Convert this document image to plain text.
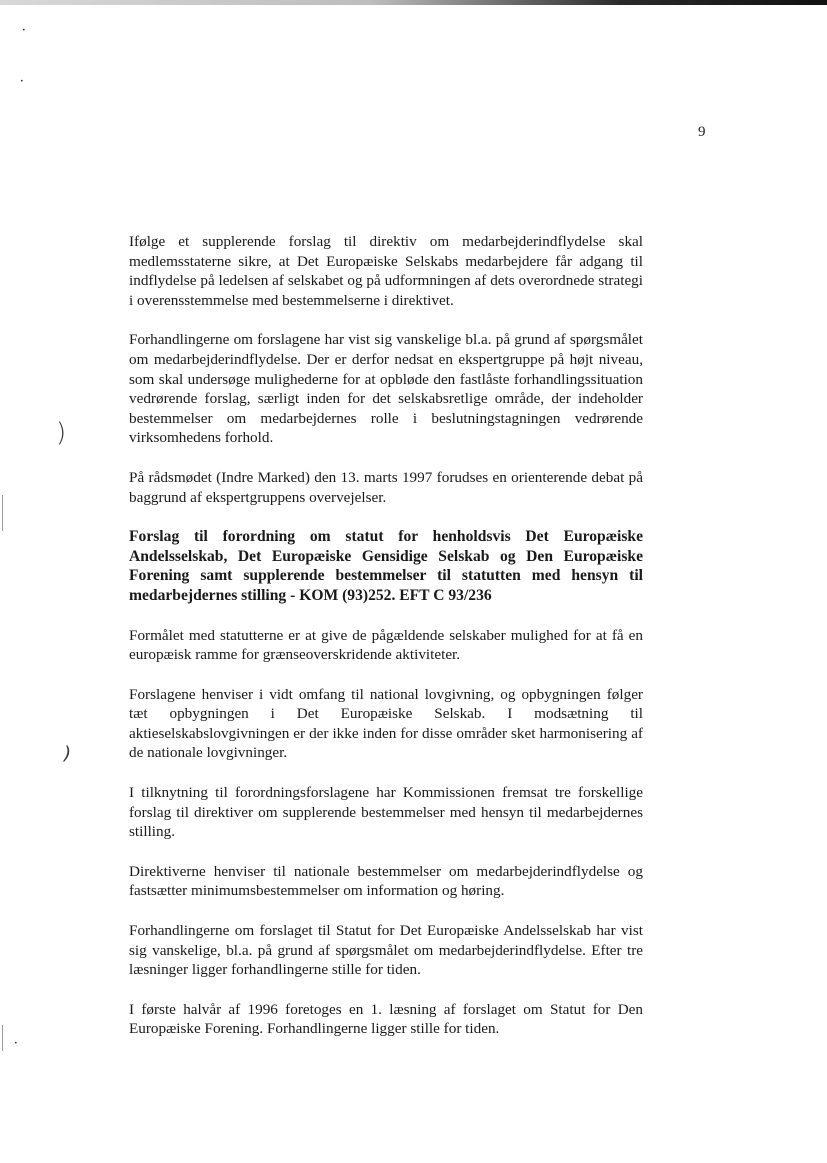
9
•
•
)
)
•

Ifølge et supplerende forslag til direktiv om medarbejderindflydelse skal medlemsstaterne sikre, at Det Europæiske Selskabs medarbejdere får adgang til indflydelse på ledelsen af selskabet og på udformningen af dets overordnede strategi i overensstemmelse med bestemmelserne i direktivet.

Forhandlingerne om forslagene har vist sig vanskelige bl.a. på grund af spørgsmålet om medarbejderindflydelse. Der er derfor nedsat en ekspertgruppe på højt niveau, som skal undersøge mulighederne for at opbløde den fastlåste forhandlingssituation vedrørende forslag, særligt inden for det selskabsretlige område, der indeholder bestemmelser om medarbejdernes rolle i beslutningstagningen vedrørende virksomhedens forhold.

På rådsmødet (Indre Marked) den 13. marts 1997 forudses en orienterende debat på baggrund af ekspertgruppens overvejelser.

Forslag til forordning om statut for henholdsvis Det Europæiske Andelsselskab, Det Europæiske Gensidige Selskab og Den Europæiske Forening samt supplerende bestemmelser til statutten med hensyn til medarbejdernes stilling - KOM (93)252. EFT C 93/236

Formålet med statutterne er at give de pågældende selskaber mulighed for at få en europæisk ramme for grænseoverskridende aktiviteter.

Forslagene henviser i vidt omfang til national lovgivning, og opbygningen følger tæt opbygningen i Det Europæiske Selskab. I modsætning til aktieselskabslovgivningen er der ikke inden for disse områder sket harmonisering af de nationale lovgivninger.

I tilknytning til forordningsforslagene har Kommissionen fremsat tre forskellige forslag til direktiver om supplerende bestemmelser med hensyn til medarbejdernes stilling.

Direktiverne henviser til nationale bestemmelser om medarbejderindflydelse og fastsætter minimumsbestemmelser om information og høring.

Forhandlingerne om forslaget til Statut for Det Europæiske Andelsselskab har vist sig vanskelige, bl.a. på grund af spørgsmålet om medarbejderindflydelse. Efter tre læsninger ligger forhandlingerne stille for tiden.

I første halvår af 1996 foretoges en 1. læsning af forslaget om Statut for Den Europæiske Forening. Forhandlingerne ligger stille for tiden.
